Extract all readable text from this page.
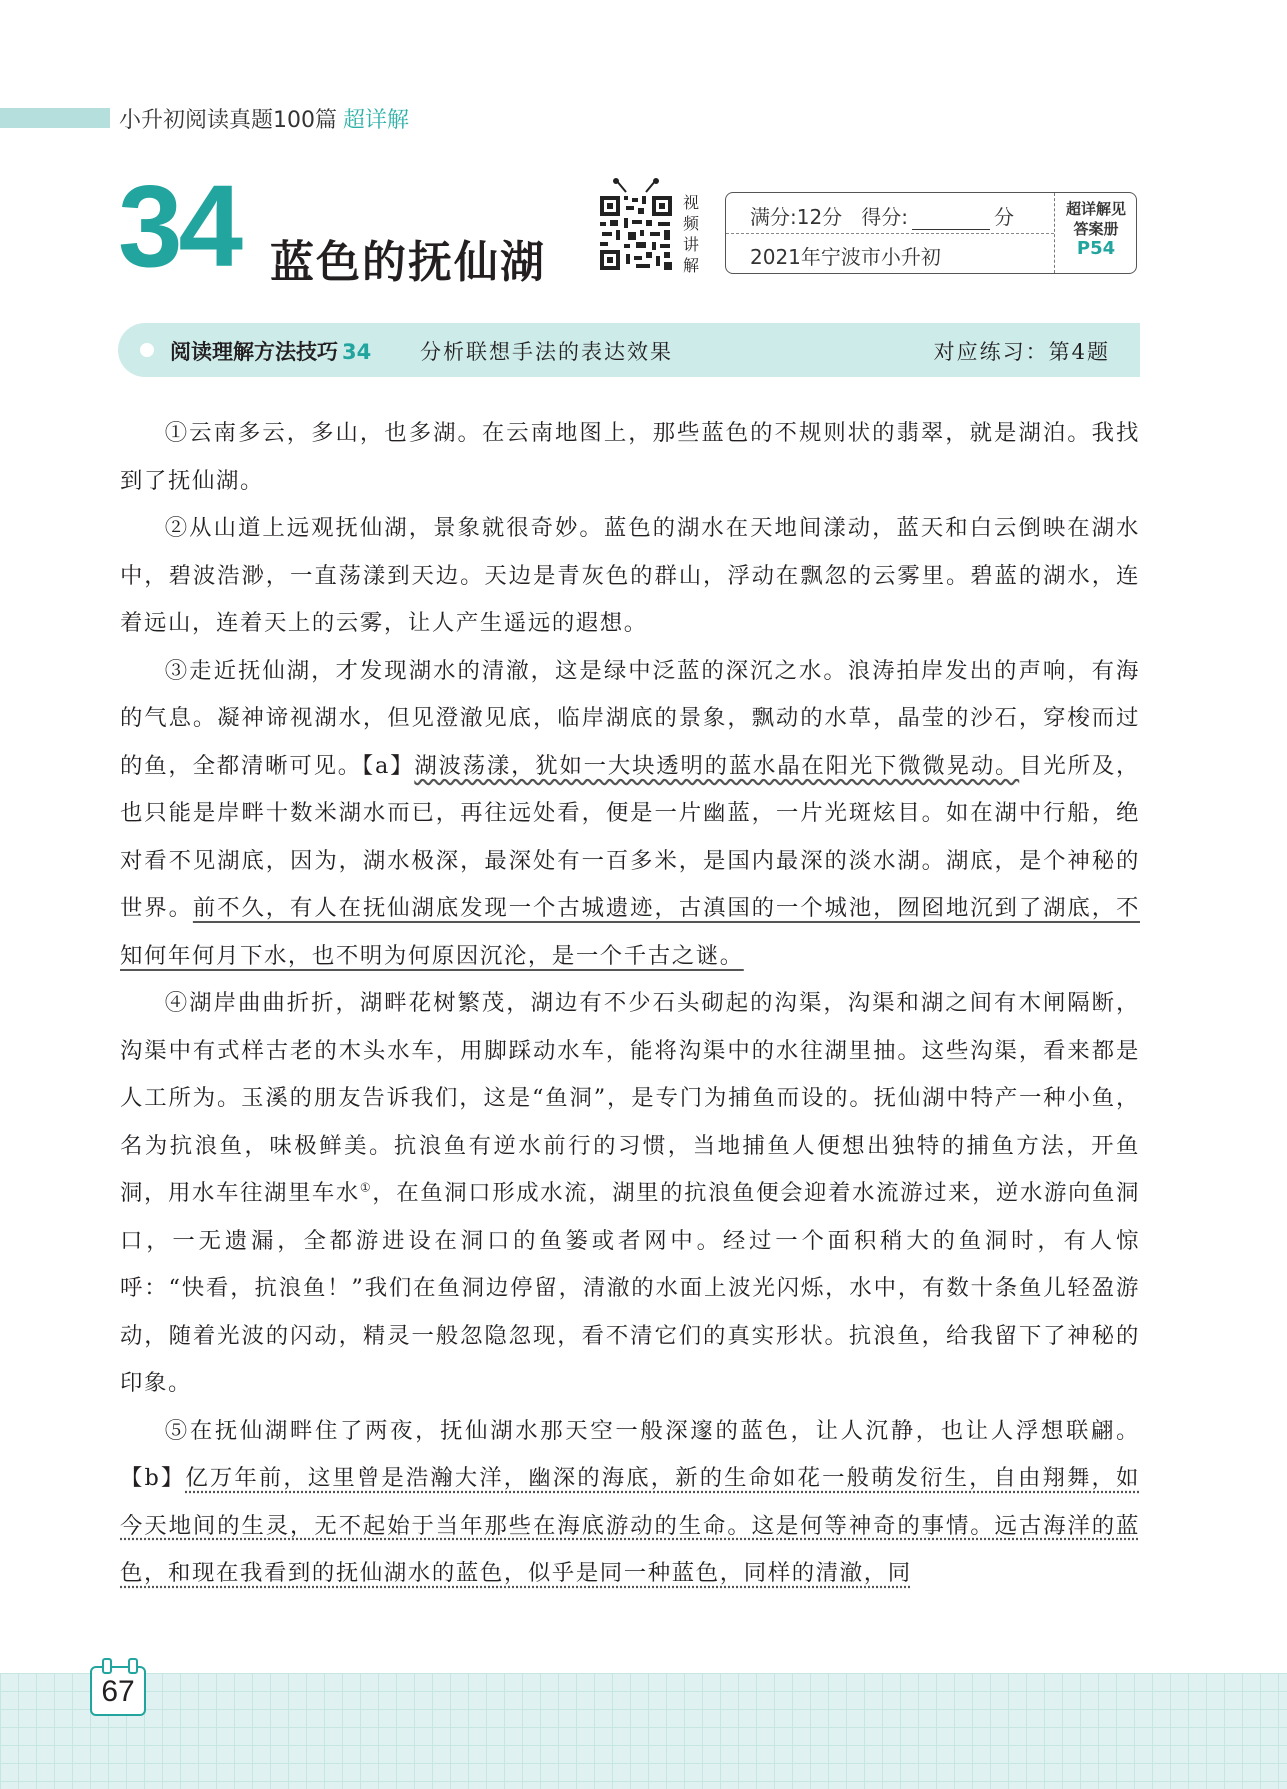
小升初阅读真题100篇 超详解
34 蓝色的抚仙湖
视频讲解
满分:12分 得分:	分
2021年宁波市小升初
超详解见
答案册
P54
阅读理解方法技巧 34 分析联想手法的表达效果	对应练习：第4题

①云南多云，多山，也多湖。在云南地图上，那些蓝色的不规则状的翡翠，就是湖泊。我找到了抚仙湖。

②从山道上远观抚仙湖，景象就很奇妙。蓝色的湖水在天地间漾动，蓝天和白云倒映在湖水中，碧波浩渺，一直荡漾到天边。天边是青灰色的群山，浮动在飘忽的云雾里。碧蓝的湖水，连着远山，连着天上的云雾，让人产生遥远的遐想。

③走近抚仙湖，才发现湖水的清澈，这是绿中泛蓝的深沉之水。浪涛拍岸发出的声响，有海的气息。凝神谛视湖水，但见澄澈见底，临岸湖底的景象，飘动的水草，晶莹的沙石，穿梭而过的鱼，全都清晰可见。【a】湖波荡漾，犹如一大块透明的蓝水晶在阳光下微微晃动。目光所及，也只能是岸畔十数米湖水而已，再往远处看，便是一片幽蓝，一片光斑炫目。如在湖中行船，绝对看不见湖底，因为，湖水极深，最深处有一百多米，是国内最深的淡水湖。湖底，是个神秘的世界。前不久，有人在抚仙湖底发现一个古城遗迹，古滇国的一个城池，囫囵地沉到了湖底，不知何年何月下水，也不明为何原因沉沦，是一个千古之谜。

④湖岸曲曲折折，湖畔花树繁茂，湖边有不少石头砌起的沟渠，沟渠和湖之间有木闸隔断，沟渠中有式样古老的木头水车，用脚踩动水车，能将沟渠中的水往湖里抽。这些沟渠，看来都是人工所为。玉溪的朋友告诉我们，这是“鱼洞”，是专门为捕鱼而设的。抚仙湖中特产一种小鱼，名为抗浪鱼，味极鲜美。抗浪鱼有逆水前行的习惯，当地捕鱼人便想出独特的捕鱼方法，开鱼洞，用水车往湖里车水①，在鱼洞口形成水流，湖里的抗浪鱼便会迎着水流游过来，逆水游向鱼洞口，一无遗漏，全都游进设在洞口的鱼篓或者网中。经过一个面积稍大的鱼洞时，有人惊呼：“快看，抗浪鱼！”我们在鱼洞边停留，清澈的水面上波光闪烁，水中，有数十条鱼儿轻盈游动，随着光波的闪动，精灵一般忽隐忽现，看不清它们的真实形状。抗浪鱼，给我留下了神秘的印象。

⑤在抚仙湖畔住了两夜，抚仙湖水那天空一般深邃的蓝色，让人沉静，也让人浮想联翩。【b】亿万年前，这里曾是浩瀚大洋，幽深的海底，新的生命如花一般萌发衍生，自由翔舞，如今天地间的生灵，无不起始于当年那些在海底游动的生命。这是何等神奇的事情。远古海洋的蓝色，和现在我看到的抚仙湖水的蓝色，似乎是同一种蓝色，同样的清澈，同

67
